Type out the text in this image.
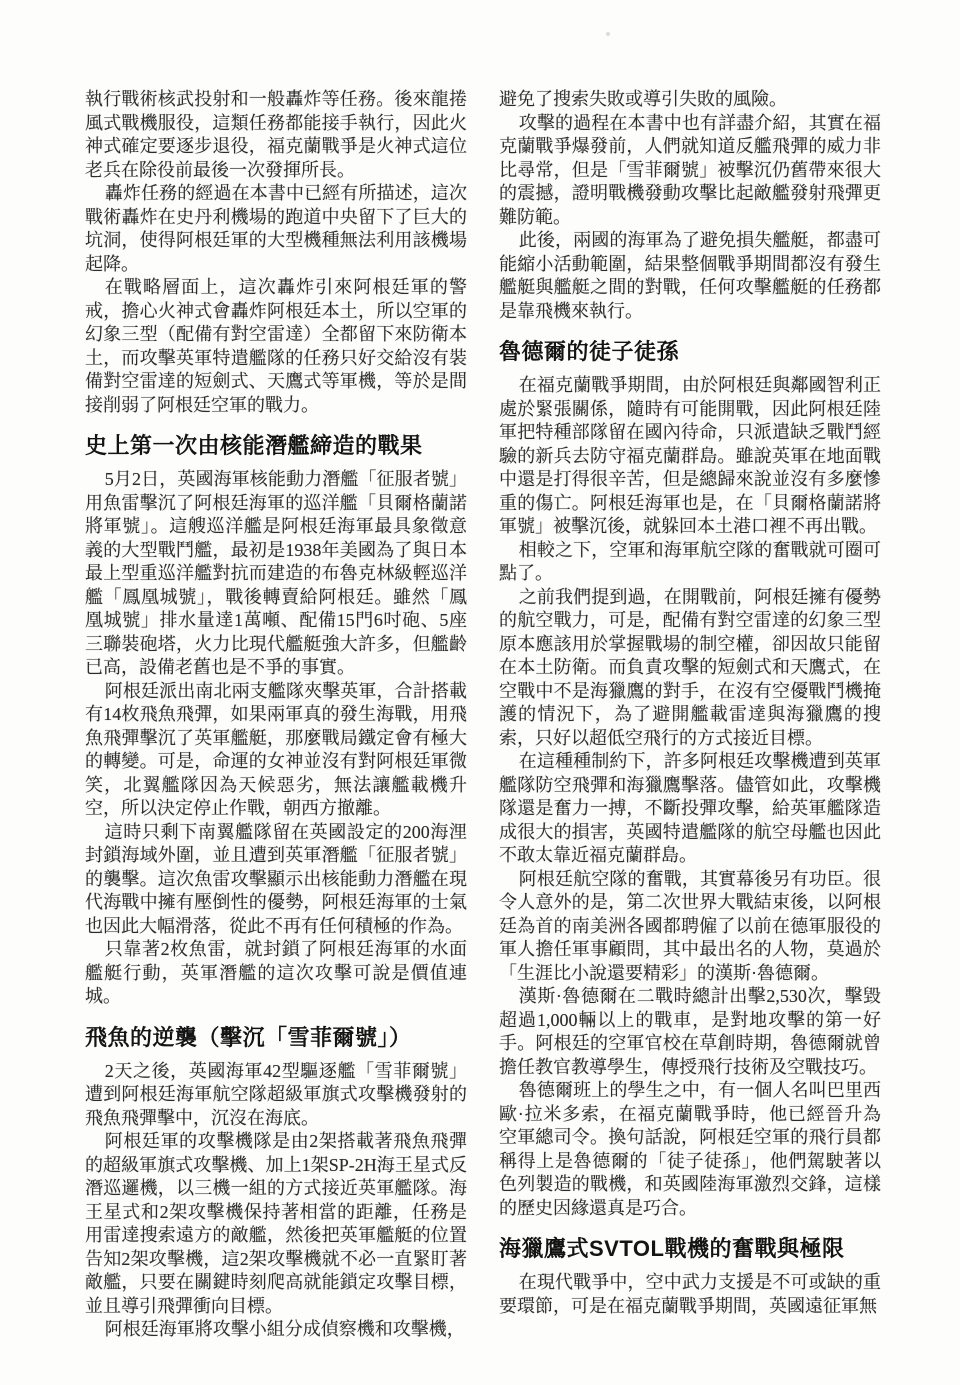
執行戰術核武投射和一般轟炸等任務。後來龍捲風式戰機服役，這類任務都能接手執行，因此火神式確定要逐步退役，福克蘭戰爭是火神式這位老兵在除役前最後一次發揮所長。

轟炸任務的經過在本書中已經有所描述，這次戰術轟炸在史丹利機場的跑道中央留下了巨大的坑洞，使得阿根廷軍的大型機種無法利用該機場起降。

在戰略層面上，這次轟炸引來阿根廷軍的警戒，擔心火神式會轟炸阿根廷本土，所以空軍的幻象三型（配備有對空雷達）全都留下來防衛本土，而攻擊英軍特遣艦隊的任務只好交給沒有裝備對空雷達的短劍式、天鷹式等軍機，等於是間接削弱了阿根廷空軍的戰力。

史上第一次由核能潛艦締造的戰果

5月2日，英國海軍核能動力潛艦「征服者號」用魚雷擊沉了阿根廷海軍的巡洋艦「貝爾格蘭諾將軍號」。這艘巡洋艦是阿根廷海軍最具象徵意義的大型戰鬥艦，最初是1938年美國為了與日本最上型重巡洋艦對抗而建造的布魯克林級輕巡洋艦「鳳凰城號」，戰後轉賣給阿根廷。雖然「鳳凰城號」排水量達1萬噸、配備15門6吋砲、5座三聯裝砲塔，火力比現代艦艇強大許多，但艦齡已高，設備老舊也是不爭的事實。

阿根廷派出南北兩支艦隊夾擊英軍，合計搭載有14枚飛魚飛彈，如果兩軍真的發生海戰，用飛魚飛彈擊沉了英軍艦艇，那麼戰局鐵定會有極大的轉變。可是，命運的女神並沒有對阿根廷軍微笑，北翼艦隊因為天候惡劣，無法讓艦載機升空，所以決定停止作戰，朝西方撤離。

這時只剩下南翼艦隊留在英國設定的200海浬封鎖海域外圍，並且遭到英軍潛艦「征服者號」的襲擊。這次魚雷攻擊顯示出核能動力潛艦在現代海戰中擁有壓倒性的優勢，阿根廷海軍的士氣也因此大幅滑落，從此不再有任何積極的作為。

只靠著2枚魚雷，就封鎖了阿根廷海軍的水面艦艇行動，英軍潛艦的這次攻擊可說是價值連城。

飛魚的逆襲（擊沉「雪菲爾號」）

2天之後，英國海軍42型驅逐艦「雪菲爾號」遭到阿根廷海軍航空隊超級軍旗式攻擊機發射的飛魚飛彈擊中，沉沒在海底。

阿根廷軍的攻擊機隊是由2架搭載著飛魚飛彈的超級軍旗式攻擊機、加上1架SP-2H海王星式反潛巡邏機，以三機一組的方式接近英軍艦隊。海王星式和2架攻擊機保持著相當的距離，任務是用雷達搜索遠方的敵艦，然後把英軍艦艇的位置告知2架攻擊機，這2架攻擊機就不必一直緊盯著敵艦，只要在關鍵時刻爬高就能鎖定攻擊目標，並且導引飛彈衝向目標。

阿根廷海軍將攻擊小組分成偵察機和攻擊機，

避免了搜索失敗或導引失敗的風險。

攻擊的過程在本書中也有詳盡介紹，其實在福克蘭戰爭爆發前，人們就知道反艦飛彈的威力非比尋常，但是「雪菲爾號」被擊沉仍舊帶來很大的震撼，證明戰機發動攻擊比起敵艦發射飛彈更難防範。

此後，兩國的海軍為了避免損失艦艇，都盡可能縮小活動範圍，結果整個戰爭期間都沒有發生艦艇與艦艇之間的對戰，任何攻擊艦艇的任務都是靠飛機來執行。

魯德爾的徒子徒孫

在福克蘭戰爭期間，由於阿根廷與鄰國智利正處於緊張關係，隨時有可能開戰，因此阿根廷陸軍把特種部隊留在國內待命，只派遣缺乏戰鬥經驗的新兵去防守福克蘭群島。雖說英軍在地面戰中還是打得很辛苦，但是總歸來說並沒有多麼慘重的傷亡。阿根廷海軍也是，在「貝爾格蘭諾將軍號」被擊沉後，就躲回本土港口裡不再出戰。

相較之下，空軍和海軍航空隊的奮戰就可圈可點了。

之前我們提到過，在開戰前，阿根廷擁有優勢的航空戰力，可是，配備有對空雷達的幻象三型原本應該用於掌握戰場的制空權，卻因故只能留在本土防衛。而負責攻擊的短劍式和天鷹式，在空戰中不是海獵鷹的對手，在沒有空優戰鬥機掩護的情況下，為了避開艦載雷達與海獵鷹的搜索，只好以超低空飛行的方式接近目標。

在這種種制約下，許多阿根廷攻擊機遭到英軍艦隊防空飛彈和海獵鷹擊落。儘管如此，攻擊機隊還是奮力一搏，不斷投彈攻擊，給英軍艦隊造成很大的損害，英國特遣艦隊的航空母艦也因此不敢太靠近福克蘭群島。

阿根廷航空隊的奮戰，其實幕後另有功臣。很令人意外的是，第二次世界大戰結束後，以阿根廷為首的南美洲各國都聘僱了以前在德軍服役的軍人擔任軍事顧問，其中最出名的人物，莫過於「生涯比小說還要精彩」的漢斯·魯德爾。

漢斯·魯德爾在二戰時總計出擊2,530次，擊毀超過1,000輛以上的戰車，是對地攻擊的第一好手。阿根廷的空軍官校在草創時期，魯德爾就曾擔任教官教導學生，傳授飛行技術及空戰技巧。

魯德爾班上的學生之中，有一個人名叫巴里西歐·拉米多索，在福克蘭戰爭時，他已經晉升為空軍總司令。換句話說，阿根廷空軍的飛行員都稱得上是魯德爾的「徒子徒孫」，他們駕駛著以色列製造的戰機，和英國陸海軍激烈交鋒，這樣的歷史因緣還真是巧合。

海獵鷹式SVTOL戰機的奮戰與極限

在現代戰爭中，空中武力支援是不可或缺的重要環節，可是在福克蘭戰爭期間，英國遠征軍無
